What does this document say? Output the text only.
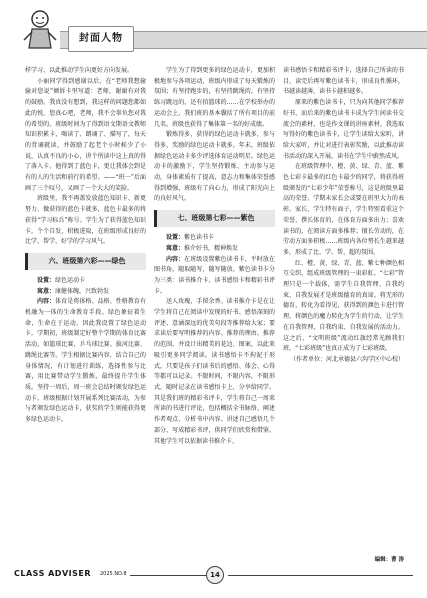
封面人物

样学习、以此推动学生向更好方向发展。

小丽同学得到感谢以后，在“老师我想偷偷对您说”倾诉卡里写道：老师，谢谢有对我的鼓励。我真没有想到，我这样的问题您都如此的悦，您真心吧，老师，我不会辜负您对我的希望的。班级时间为了得到语文期语文教师知识积累卡，喝读了、朗诵了、描写了，每天的背诵就读，并鼓励了起老个小时候少了小说，认真不良的小心，讲个所读中这上真的得了落入卡。他得到了蓝色卡，更让我体会到是有的人的生活和前行的希望。——“班一”后面画了三个叹号，又画了一个大大的笑脸。

班级里，我不再盖发放蓝色知识卡、新更努力、做获得的蓝色卡就多，蓝色卡最多的将获得“学习标兵”称号。学生为了获得蓝色知识卡，个个自发、积极进取，在班级形成良好的比学、帮学、好学的学习风气。

六、班级第六彩——绿色

设置：绿色运动卡

寓意：康健体魄，兴致勃发

内容：体育是将体格、品格、性格教育有机融为一体的生命教育手段。绿色象征着生命，生命在于运动，因此我设置了绿色运动卡。学期初，班级制定好整个学期的体育比赛活动，如篮球比赛、乒乓球比赛、拔河比赛、跳绳比赛等。学生根据比赛内容，结合自己的身体情况，有计划进行训练，选择性参与比赛，用比赛带动学生锻炼，最终提升学生体质。坚持一周后，周一班会总结时颁发绿色运动卡。班级根据计划开展系列比赛活动，为参与者颁发绿色运动卡，获奖的学生则能获得更多绿色运动卡。

学生为了得到更多的绿色运动卡，更加积极地参与各项运动，班级内形成了每天锻炼的氛围；有坚持跑步的，有坚持跳绳的，有坚持练习跳远的，还有拍篮球的……在学校举办的运动会上，我们班的基本囊括了所有项目的前几名，班级也获得了集体第一名的好成绩。

锻炼得多，获得的绿色运动卡就多，参与得多，奖励的绿色运动卡就多。年末，班级依据绿色运动卡多少评选体育运动明星。绿色运动卡的激励下，学生坚持锻炼、主动参与运动，身体素质有了提高，意志力和集体荣誉感得到增强，班级有了向心力，形成了阳光向上的良好风气。

七、班级第七彩——紫色

设置：紫色读书卡

寓意：推介好书，精神焕发

内容：在班级设置紫色读书卡，平时放在图书角，随取随写，随写随放。紫色读书卡分为三类：读书推介卡、读书感悟卡和精彩书评卡。

送人玫瑰，手留余香。读书推介卡是在让学生将自己在阅读中发现的好书、感悟深刻的评述、意涵深远的优美句段等推荐给大家；要求读后要写明推荐的内容、推荐的理由、推荐的范围，并设计出精美的花边、图案，以此来吸引更多同学阅读。读书感悟卡不拘泥于形式，只要是孩子们读书后的感悟、体会、心得等都可以记录。不限时间，不限内容，不限形式，随时记录在读书感悟卡上，分享给同学。其是我们班的精彩书评卡，学生将自己一周来所读的书进行评论，包括概括全书脉络、阐述作者观点、分析书中内容、讲述自己感悟几个部分，写成精彩书评，供同学们欣赏和借鉴。其他学生可以依据读书推介卡、

读书感悟卡和精彩书评卡，选择自己所读的书目，读完后再写紫色读书卡，形成良性循环，书越读越薄，读书卡越积越多。

原来的紫色读书卡，只为向其他同学推荐好书，而后来的紫色读书卡成为学生间读书交流会的素材，也是作文课的讲座素材。我选取写得好的紫色读书卡，让学生读给大家听，讲给大家听，并让对进行表彰奖励，以此推动读书活动的深入开展，读书在学生中蔚然成风。

在班级管理中，橙、黄、绿、青、蓝、紫色七彩卡最多的红色卡最少的同学，将获得班级颁发的“七彩少年”荣誉称号，这是班级里最高的荣誉。学期末家长会或要在班里大力的表彰，家长、学生特有面子，学生特别看重这个荣誉，撰长体育的，在体育方面多出力；喜欢读书的，在阅读方面多推荐；擅长劳动的，在劳动方面多积极……班级内各位努长生越来越多，形成了比、学、帮、超的氛围。

红、橙、黄、绿、青、蓝、紫七种颜色相互交织，组成班级管理的一束彩虹。“七彩”管理只是一个载体，需学生自我管理、自我约束、自我发展才是班级德育的真谛。将无形的德育，转化为看得见，获得到的颜色卡进行管理，将颜色的魔力转化为学生的行动，让学生在自我管理、自我约束、自我发展的活动力。这之后，“文明班级”流动红旗经常光顾我们班，“七彩班级”也真正成为了七彩班级。

（作者单位：河北承德县六沟学区中心校）

编辑：曹 涛
CLASS ADVISER 2025.NO.8	14
